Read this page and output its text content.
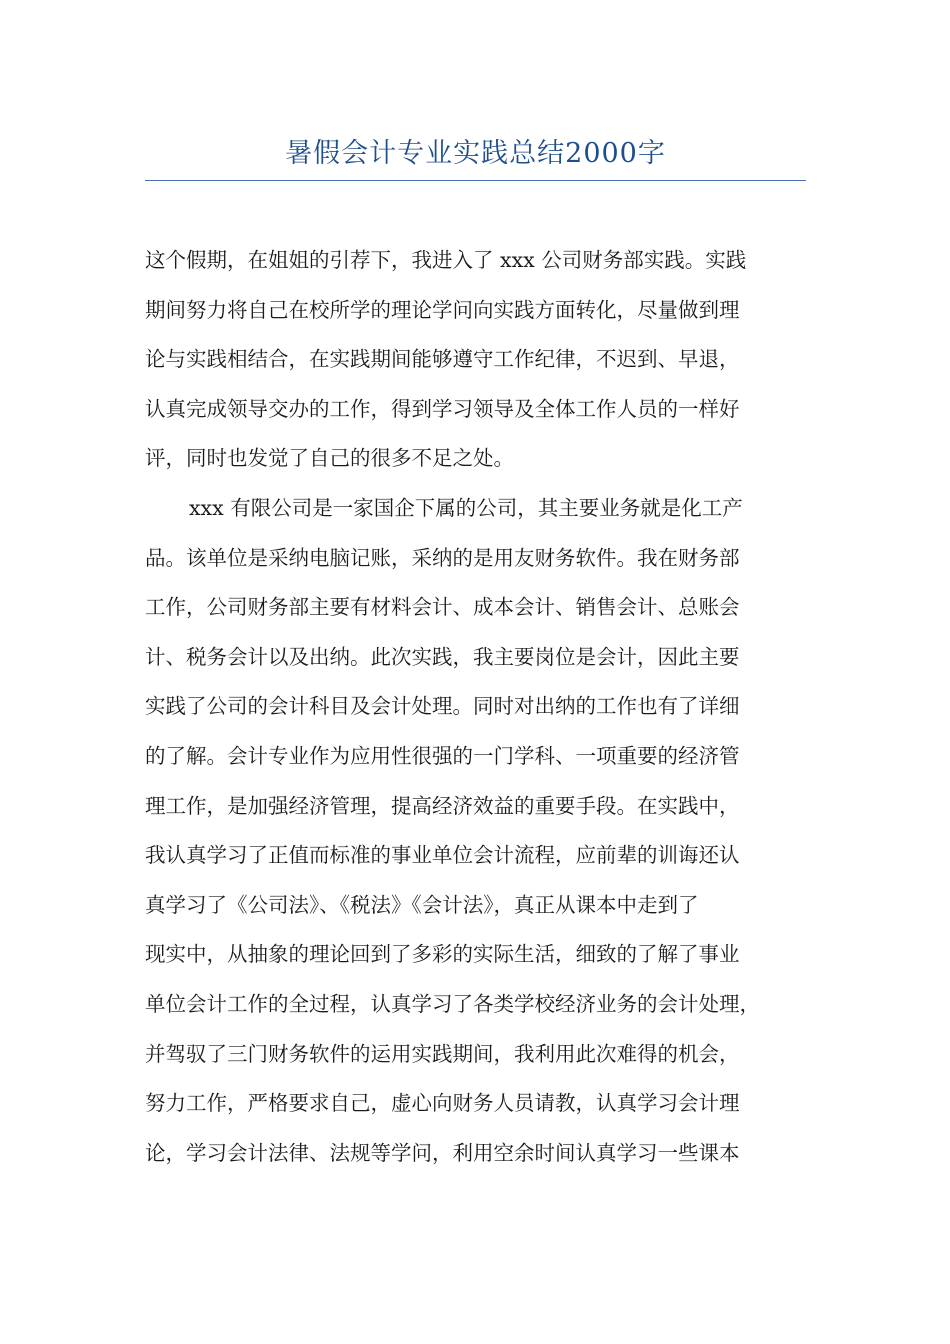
暑假会计专业实践总结2000字
这个假期，在姐姐的引荐下，我进入了 xxx 公司财务部实践。实践
期间努力将自己在校所学的理论学问向实践方面转化，尽量做到理
论与实践相结合，在实践期间能够遵守工作纪律，不迟到、早退，
认真完成领导交办的工作，得到学习领导及全体工作人员的一样好
评，同时也发觉了自己的很多不足之处。
xxx 有限公司是一家国企下属的公司，其主要业务就是化工产
品。该单位是采纳电脑记账，采纳的是用友财务软件。我在财务部
工作，公司财务部主要有材料会计、成本会计、销售会计、总账会
计、税务会计以及出纳。此次实践，我主要岗位是会计，因此主要
实践了公司的会计科目及会计处理。同时对出纳的工作也有了详细
的了解。会计专业作为应用性很强的一门学科、一项重要的经济管
理工作，是加强经济管理，提高经济效益的重要手段。在实践中，
我认真学习了正值而标准的事业单位会计流程，应前辈的训诲还认
真学习了《公司法》、《税法》《会计法》，真正从课本中走到了
现实中，从抽象的理论回到了多彩的实际生活，细致的了解了事业
单位会计工作的全过程，认真学习了各类学校经济业务的会计处理，
并驾驭了三门财务软件的运用实践期间，我利用此次难得的机会，
努力工作，严格要求自己，虚心向财务人员请教，认真学习会计理
论，学习会计法律、法规等学问，利用空余时间认真学习一些课本
